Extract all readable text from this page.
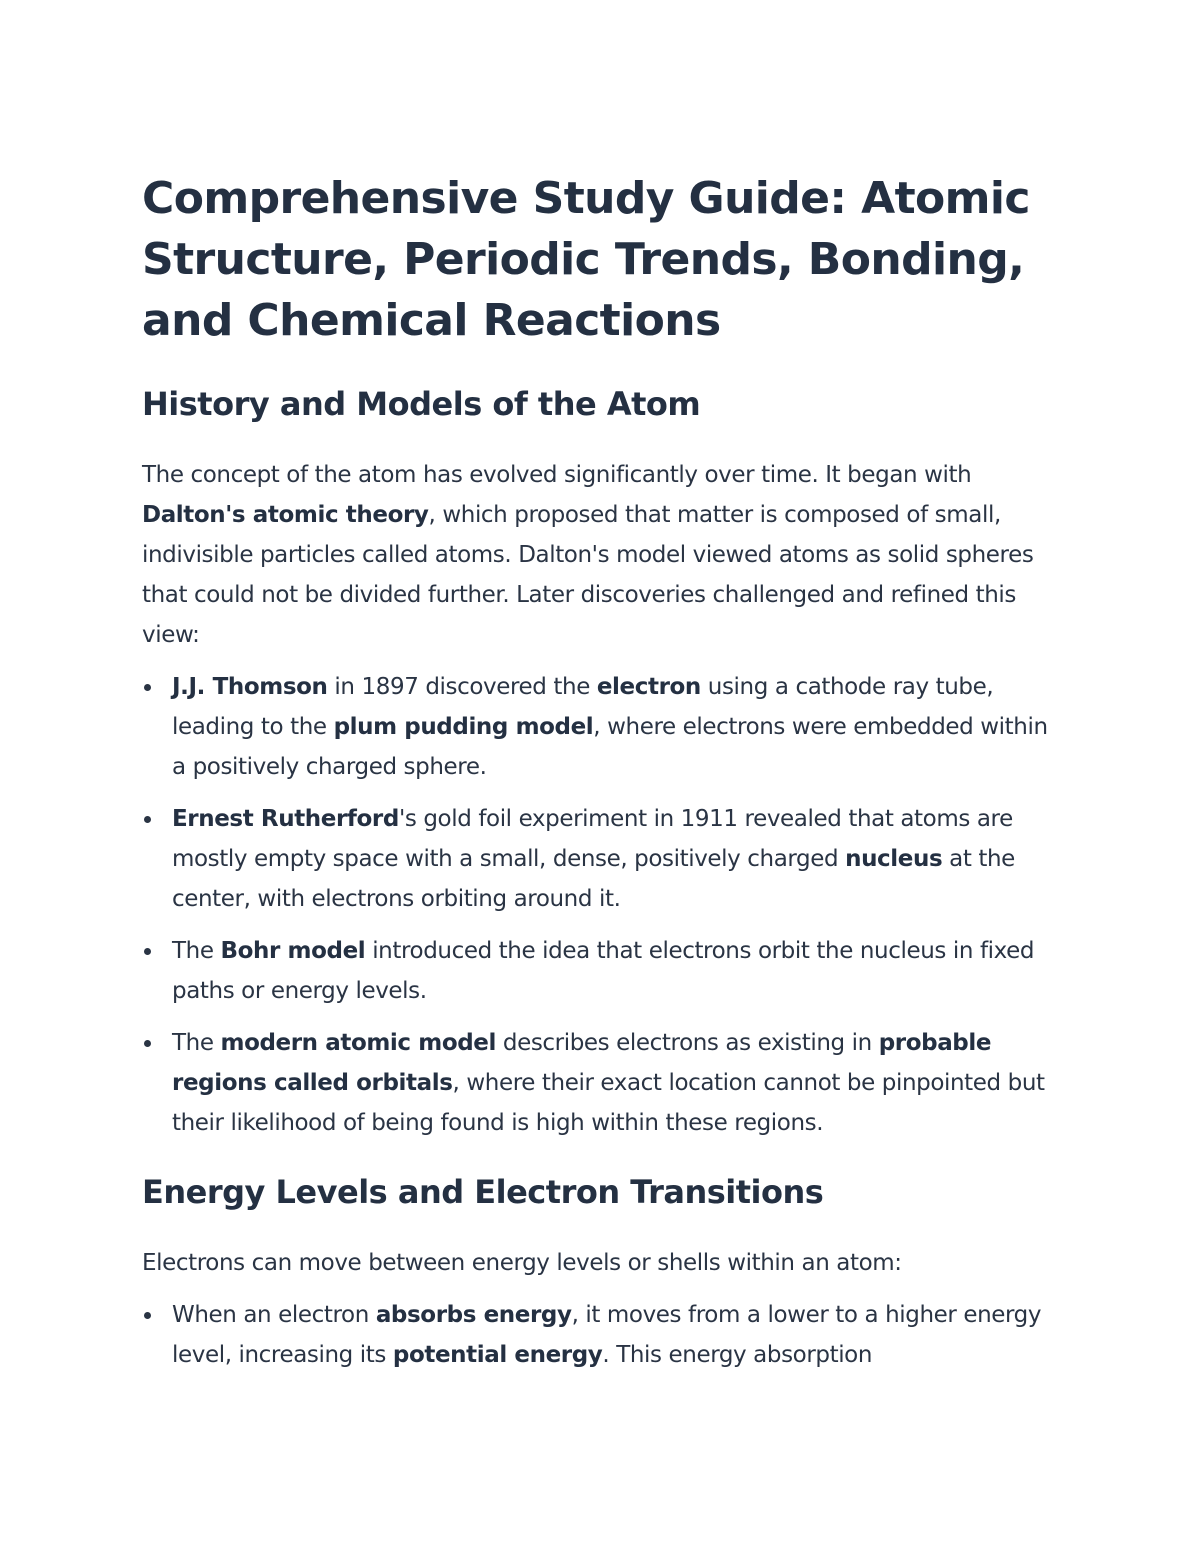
Comprehensive Study Guide: Atomic Structure, Periodic Trends, Bonding, and Chemical Reactions
History and Models of the Atom

The concept of the atom has evolved significantly over time. It began with Dalton's atomic theory, which proposed that matter is composed of small, indivisible particles called atoms. Dalton's model viewed atoms as solid spheres that could not be divided further. Later discoveries challenged and refined this view:

J.J. Thomson in 1897 discovered the electron using a cathode ray tube, leading to the plum pudding model, where electrons were embedded within a positively charged sphere.
Ernest Rutherford's gold foil experiment in 1911 revealed that atoms are mostly empty space with a small, dense, positively charged nucleus at the center, with electrons orbiting around it.
The Bohr model introduced the idea that electrons orbit the nucleus in fixed paths or energy levels.
The modern atomic model describes electrons as existing in probable regions called orbitals, where their exact location cannot be pinpointed but their likelihood of being found is high within these regions.
Energy Levels and Electron Transitions

Electrons can move between energy levels or shells within an atom:

When an electron absorbs energy, it moves from a lower to a higher energy level, increasing its potential energy. This energy absorption
